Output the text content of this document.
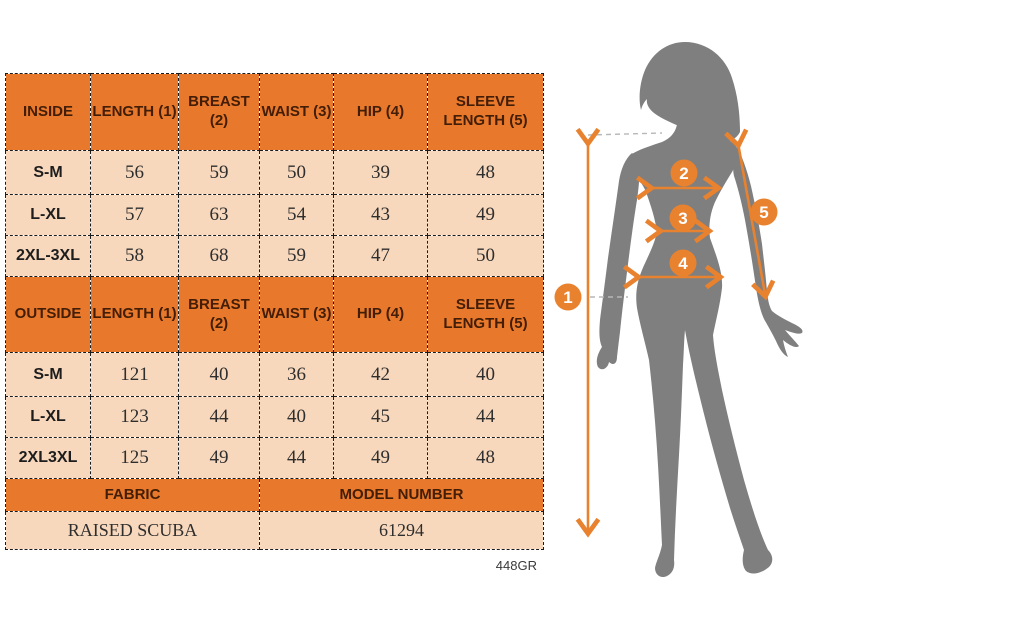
INSIDE	LENGTH (1)	BREAST (2)	WAIST (3)	HIP (4)	SLEEVE LENGTH (5)
S-M	56	59	50	39	48
L-XL	57	63	54	43	49
2XL-3XL	58	68	59	47	50
OUTSIDE	LENGTH (1)	BREAST (2)	WAIST (3)	HIP (4)	SLEEVE LENGTH (5)
S-M	121	40	36	42	40
L-XL	123	44	40	45	44
2XL3XL	125	49	44	49	48
FABRIC			MODEL NUMBER		
RAISED SCUBA			61294		
448GR
1
2
3
4
5
